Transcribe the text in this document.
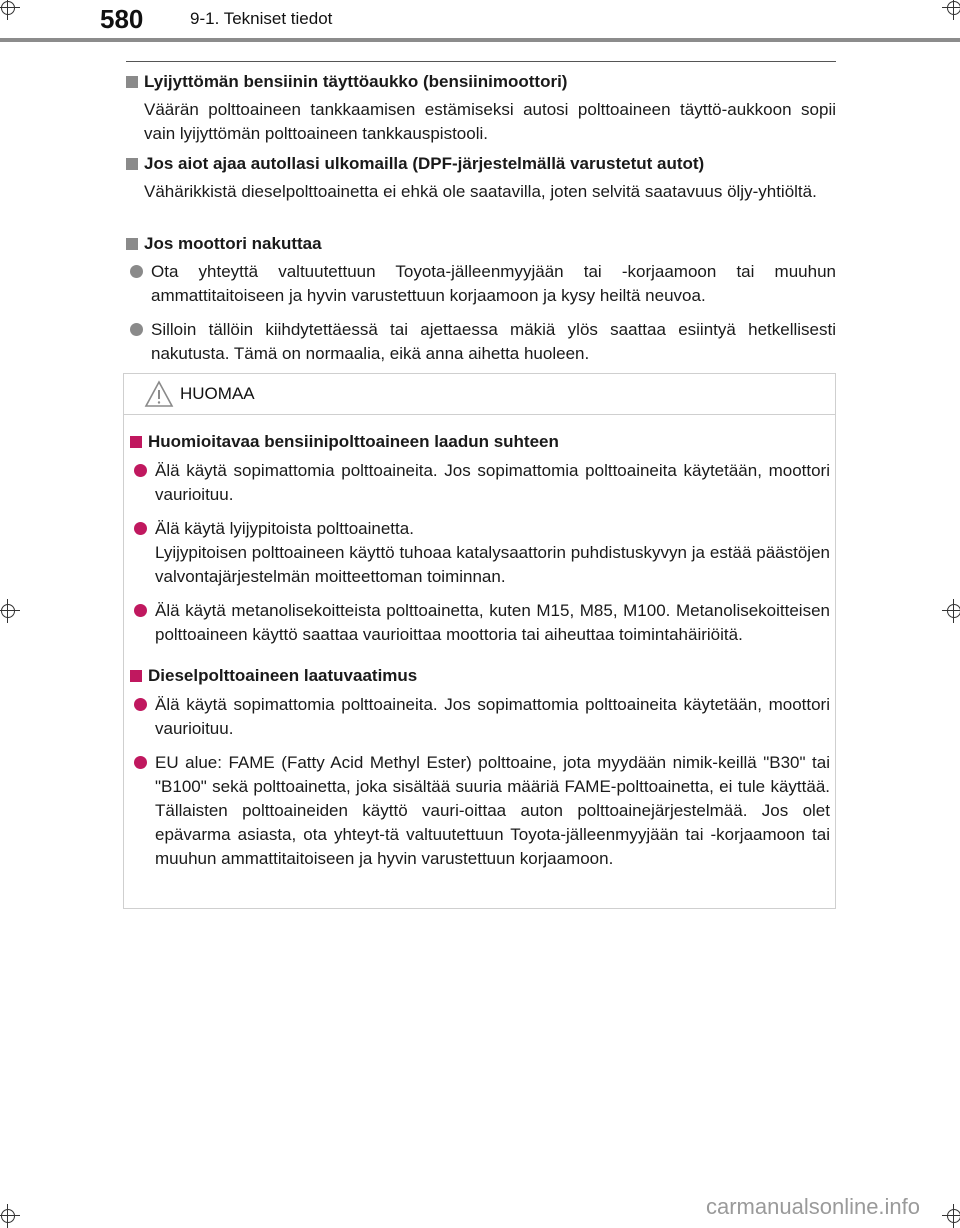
580	9-1. Tekniset tiedot
Lyijyttömän bensiinin täyttöaukko (bensiinimoottori)
Väärän polttoaineen tankkaamisen estämiseksi autosi polttoaineen täyttö-aukkoon sopii vain lyijyttömän polttoaineen tankkauspistooli.
Jos aiot ajaa autollasi ulkomailla (DPF-järjestelmällä varustetut autot)
Vähärikkistä dieselpolttoainetta ei ehkä ole saatavilla, joten selvitä saatavuus öljy-yhtiöltä.
Jos moottori nakuttaa
Ota yhteyttä valtuutettuun Toyota-jälleenmyyjään tai -korjaamoon tai muuhun ammattitaitoiseen ja hyvin varustettuun korjaamoon ja kysy heiltä neuvoa.
Silloin tällöin kiihdytettäessä tai ajettaessa mäkiä ylös saattaa esiintyä hetkellisesti nakutusta. Tämä on normaalia, eikä anna aihetta huoleen.
HUOMAA
Huomioitavaa bensiinipolttoaineen laadun suhteen
Älä käytä sopimattomia polttoaineita. Jos sopimattomia polttoaineita käytetään, moottori vaurioituu.
Älä käytä lyijypitoista polttoainetta.
Lyijypitoisen polttoaineen käyttö tuhoaa katalysaattorin puhdistuskyvyn ja estää päästöjen valvontajärjestelmän moitteettoman toiminnan.
Älä käytä metanolisekoitteista polttoainetta, kuten M15, M85, M100. Metanolisekoitteisen polttoaineen käyttö saattaa vaurioittaa moottoria tai aiheuttaa toimintahäiriöitä.
Dieselpolttoaineen laatuvaatimus
Älä käytä sopimattomia polttoaineita. Jos sopimattomia polttoaineita käytetään, moottori vaurioituu.
EU alue: FAME (Fatty Acid Methyl Ester) polttoaine, jota myydään nimik-keillä "B30" tai "B100" sekä polttoainetta, joka sisältää suuria määriä FAME-polttoainetta, ei tule käyttää. Tällaisten polttoaineiden käyttö vauri-oittaa auton polttoainejärjestelmää. Jos olet epävarma asiasta, ota yhteyt-tä valtuutettuun Toyota-jälleenmyyjään tai -korjaamoon tai muuhun ammattitaitoiseen ja hyvin varustettuun korjaamoon.
carmanualsonline.info
